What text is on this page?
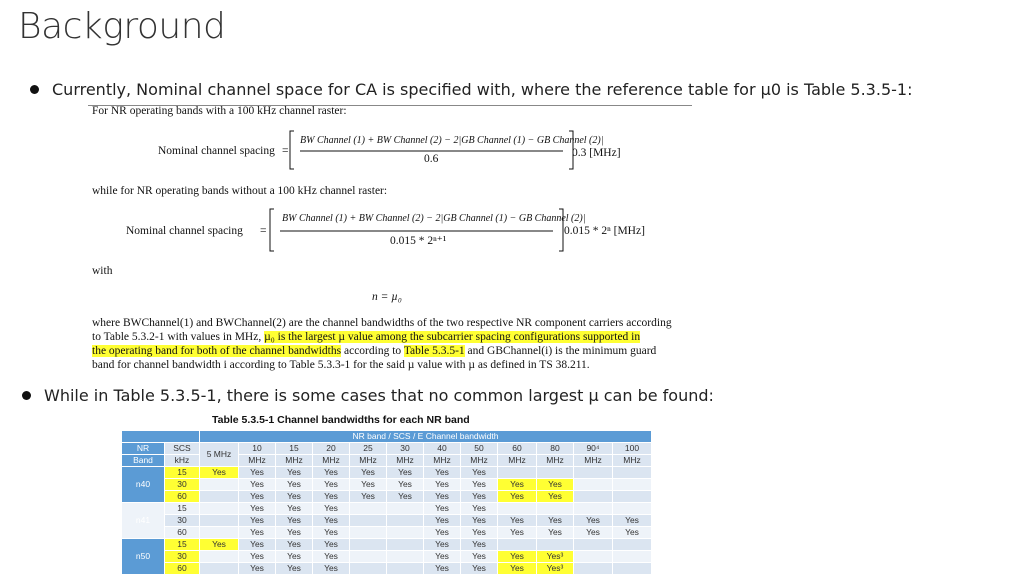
Background
Currently, Nominal channel space for CA is specified with, where the reference table for µ0 is Table 5.3.5-1:
For NR operating bands with a 100 kHz channel raster:
Nominal channel spacing =
BW Channel (1) + BW Channel (2) − 2|GB Channel (1) − GB Channel (2)|
0.6	0.3 [MHz]
while for NR operating bands without a 100 kHz channel raster:
Nominal channel spacing =
BW Channel (1) + BW Channel (2) − 2|GB Channel (1) − GB Channel (2)|
0.015 * 2ⁿ⁺¹
0.015 * 2ⁿ [MHz]
with
n = µ₀
where BWChannel(1) and BWChannel(2) are the channel bandwidths of the two respective NR component carriers according
to Table 5.3.2-1 with values in MHz, µ₀ is the largest µ value among the subcarrier spacing configurations supported in
the operating band for both of the channel bandwidths according to Table 5.3.5-1 and GBChannel(i) is the minimum guard
band for channel bandwidth i according to Table 5.3.3-1 for the said µ value with µ as defined in TS 38.211.
While in Table 5.3.5-1, there is some cases that no common largest µ can be found:
Table 5.3.5-1 Channel bandwidths for each NR band
		NR band / SCS / E Channel bandwidth											
NR	SCS	5 MHz	10	15	20	25	30	40	50	60	80	90⁴	100
Band	kHz		MHz	MHz	MHz	MHz	MHz	MHz	MHz	MHz	MHz	MHz	MHz
n40	15	Yes	Yes	Yes	Yes	Yes	Yes	Yes	Yes				
	30		Yes	Yes	Yes	Yes	Yes	Yes	Yes	Yes	Yes		
	60		Yes	Yes	Yes	Yes	Yes	Yes	Yes	Yes	Yes		
n41	15		Yes	Yes	Yes			Yes	Yes				
	30		Yes	Yes	Yes			Yes	Yes	Yes	Yes	Yes	Yes
	60		Yes	Yes	Yes			Yes	Yes	Yes	Yes	Yes	Yes
n50	15	Yes	Yes	Yes	Yes			Yes	Yes				
	30		Yes	Yes	Yes			Yes	Yes	Yes	Yes³		
	60		Yes	Yes	Yes			Yes	Yes	Yes	Yes³		
